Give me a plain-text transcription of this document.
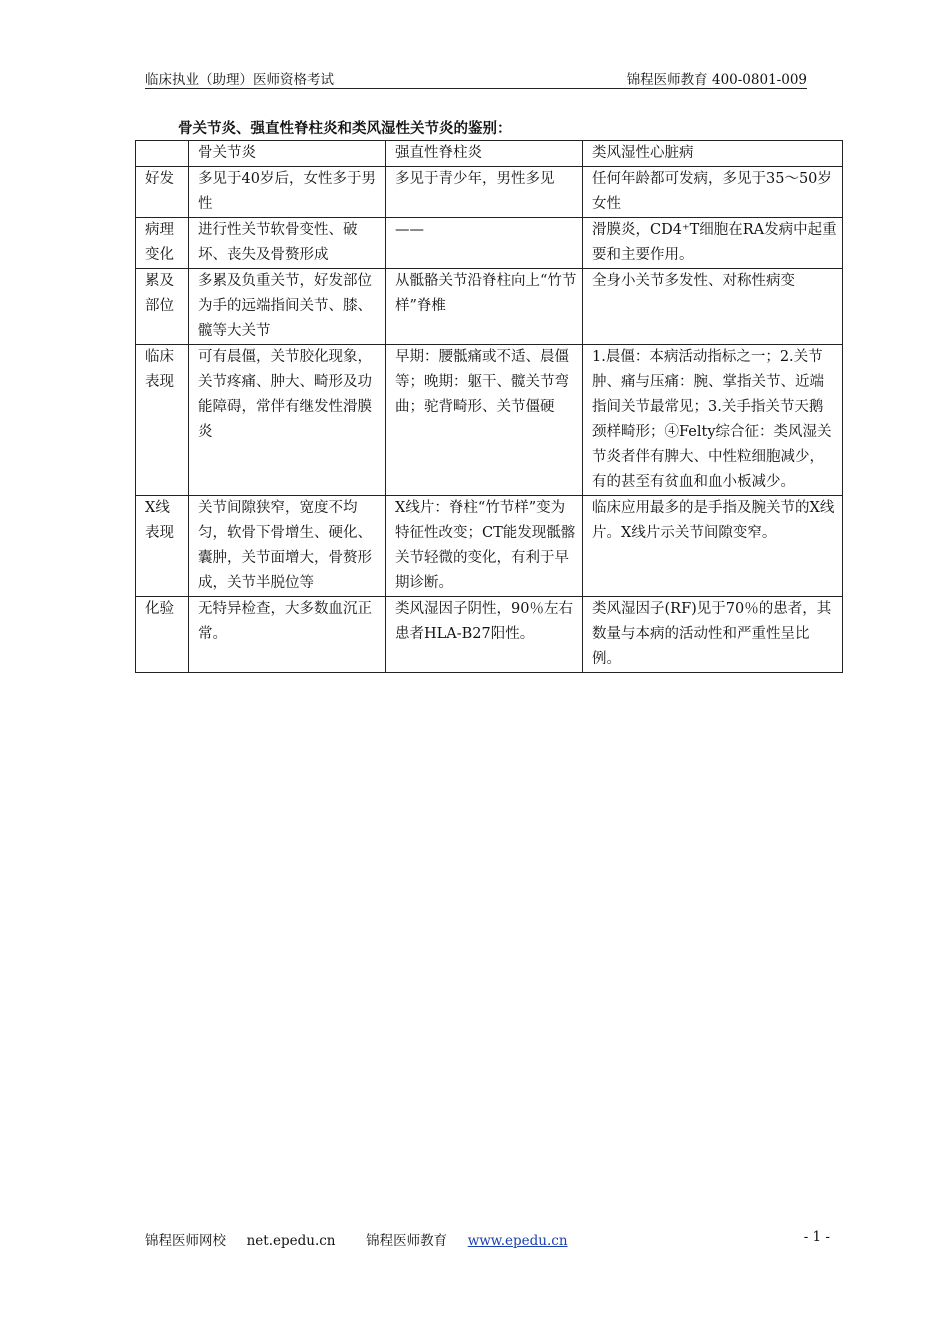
临床执业（助理）医师资格考试	锦程医师教育 400-0801-009
骨关节炎、强直性脊柱炎和类风湿性关节炎的鉴别：
	骨关节炎	强直性脊柱炎	类风湿性心脏病
好发	多见于40岁后，女性多于男性	多见于青少年，男性多见	任何年龄都可发病，多见于35～50岁女性
病理变化	进行性关节软骨变性、破坏、丧失及骨赘形成	——	滑膜炎，CD4⁺T细胞在RA发病中起重要和主要作用。
累及部位	多累及负重关节，好发部位为手的远端指间关节、膝、髋等大关节	从骶骼关节沿脊柱向上“竹节样”脊椎	全身小关节多发性、对称性病变
临床表现	可有晨僵，关节胶化现象，关节疼痛、肿大、畸形及功能障碍，常伴有继发性滑膜炎	早期：腰骶痛或不适、晨僵等；晚期：躯干、髋关节弯曲；驼背畸形、关节僵硬	1.晨僵：本病活动指标之一；2.关节肿、痛与压痛：腕、掌指关节、近端指间关节最常见；3.关手指关节天鹅颈样畸形；④Felty综合征：类风湿关节炎者伴有脾大、中性粒细胞减少，有的甚至有贫血和血小板减少。
X线表现	关节间隙狭窄，宽度不均匀，软骨下骨增生、硬化、囊肿，关节面增大，骨赘形成，关节半脱位等	X线片：脊柱“竹节样”变为特征性改变；CT能发现骶髂关节轻微的变化，有利于早期诊断。	临床应用最多的是手指及腕关节的X线片。X线片示关节间隙变窄。
化验	无特异检查，大多数血沉正常。	类风湿因子阴性，90％左右患者HLA-B27阳性。	类风湿因子(RF)见于70％的患者，其数量与本病的活动性和严重性呈比例。
锦程医师网校 net.epedu.cn 锦程医师教育 www.epedu.cn	- 1 -
